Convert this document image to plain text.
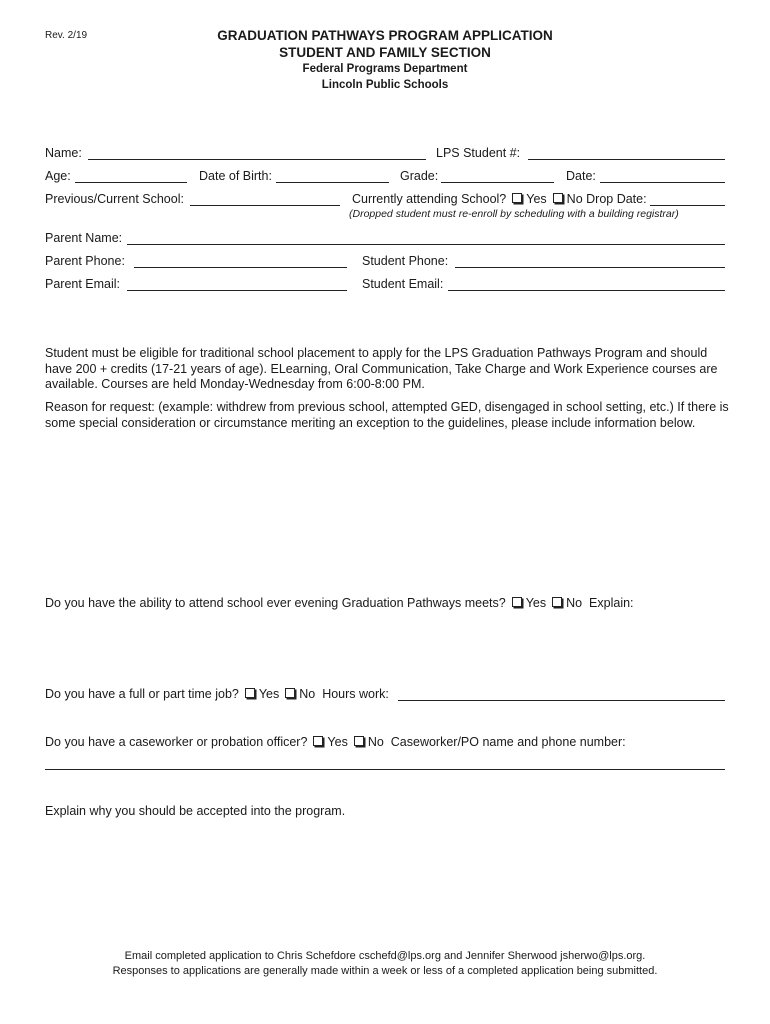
Rev. 2/19	GRADUATION PATHWAYS PROGRAM APPLICATION
STUDENT AND FAMILY SECTION
Federal Programs Department
Lincoln Public Schools
Name:	LPS Student #:
Age:	Date of Birth:	Grade:	Date:
Previous/Current School:	Currently attending School? Yes No Drop Date:
(Dropped student must re-enroll by scheduling with a building registrar)
Parent Name:
Parent Phone:	Student Phone:
Parent Email:	Student Email:
Student must be eligible for traditional school placement to apply for the LPS Graduation Pathways Program and should have 200 + credits (17-21 years of age). ELearning, Oral Communication, Take Charge and Work Experience courses are available. Courses are held Monday-Wednesday from 6:00-8:00 PM.
Reason for request: (example: withdrew from previous school, attempted GED, disengaged in school setting, etc.) If there is some special consideration or circumstance meriting an exception to the guidelines, please include information below.
Do you have the ability to attend school ever evening Graduation Pathways meets? Yes No Explain:
Do you have a full or part time job? Yes No Hours work:
Do you have a caseworker or probation officer? Yes No Caseworker/PO name and phone number:
Explain why you should be accepted into the program.
Email completed application to Chris Schefdore cschefd@lps.org and Jennifer Sherwood jsherwo@lps.org.
Responses to applications are generally made within a week or less of a completed application being submitted.
